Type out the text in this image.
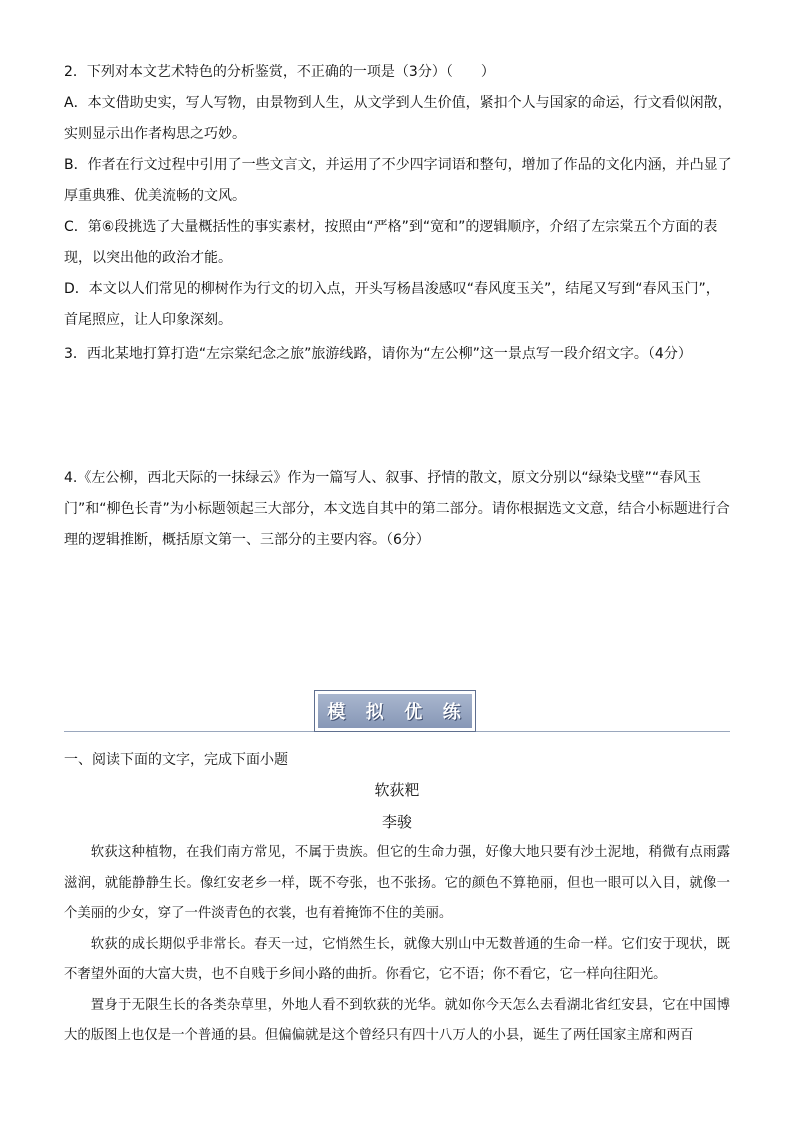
2．下列对本文艺术特色的分析鉴赏，不正确的一项是（3分）（　　）

A．本文借助史实，写人写物，由景物到人生，从文学到人生价值，紧扣个人与国家的命运，行文看似闲散，实则显示出作者构思之巧妙。

B．作者在行文过程中引用了一些文言文，并运用了不少四字词语和整句，增加了作品的文化内涵，并凸显了厚重典雅、优美流畅的文风。

C．第⑥段挑选了大量概括性的事实素材，按照由“严格”到“宽和”的逻辑顺序，介绍了左宗棠五个方面的表现，以突出他的政治才能。

D．本文以人们常见的柳树作为行文的切入点，开头写杨昌浚感叹“春风度玉关”，结尾又写到“春风玉门”，首尾照应，让人印象深刻。

3．西北某地打算打造“左宗棠纪念之旅”旅游线路，请你为“左公柳”这一景点写一段介绍文字。（4分）

4.《左公柳，西北天际的一抹绿云》作为一篇写人、叙事、抒情的散文，原文分别以“绿染戈壁”“春风玉门”和“柳色长青”为小标题领起三大部分，本文选自其中的第二部分。请你根据选文文意，结合小标题进行合理的逻辑推断，概括原文第一、三部分的主要内容。（6分）

模 拟 优 练
一、阅读下面的文字，完成下面小题
软荻粑
李骏

软荻这种植物，在我们南方常见，不属于贵族。但它的生命力强，好像大地只要有沙土泥地，稍微有点雨露滋润，就能静静生长。像红安老乡一样，既不夸张，也不张扬。它的颜色不算艳丽，但也一眼可以入目，就像一个美丽的少女，穿了一件淡青色的衣裳，也有着掩饰不住的美丽。

软荻的成长期似乎非常长。春天一过，它悄然生长，就像大别山中无数普通的生命一样。它们安于现状，既不奢望外面的大富大贵，也不自贱于乡间小路的曲折。你看它，它不语；你不看它，它一样向往阳光。

置身于无限生长的各类杂草里，外地人看不到软荻的光华。就如你今天怎么去看湖北省红安县，它在中国博大的版图上也仅是一个普通的县。但偏偏就是这个曾经只有四十八万人的小县，诞生了两任国家主席和两百
